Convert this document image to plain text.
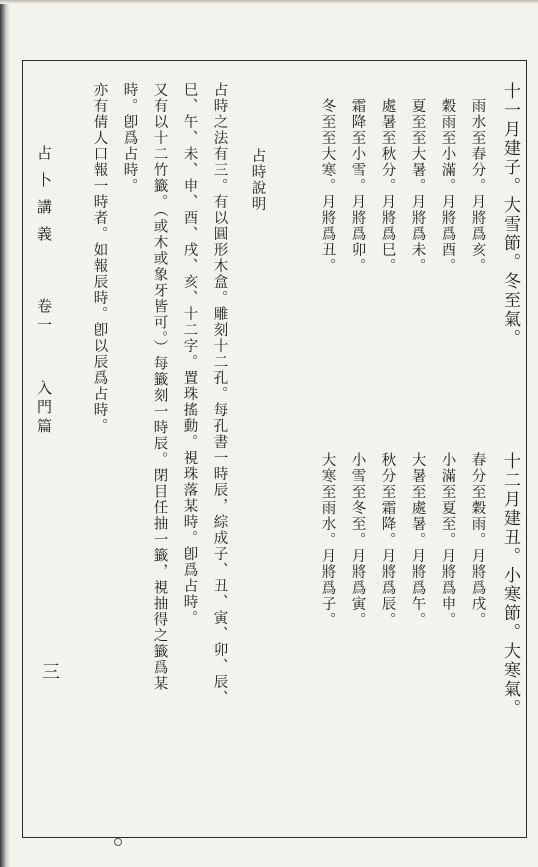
十一月建子。大雪節。冬至氣。
雨水至春分。月將爲亥。
穀雨至小滿。月將爲酉。
夏至至大暑。月將爲未。
處暑至秋分。月將爲巳。
霜降至小雪。月將爲卯。
冬至至大寒。月將爲丑。
十二月建丑。小寒節。大寒氣。
春分至穀雨。月將爲戌。
小滿至夏至。月將爲申。
大暑至處暑。月將爲午。
秋分至霜降。月將爲辰。
小雪至冬至。月將爲寅。
大寒至雨水。月將爲子。
占時說明
占時之法有三。有以圓形木盒。雕刻十二孔。每孔書一時辰，綜成子、丑、寅、卯、辰、
巳、午、未、申、酉、戌、亥、十二字。置珠搖動。視珠落某時。卽爲占時。
又有以十二竹籤。（或木或象牙皆可。）每籤刻一時辰。閉目任抽一籤，視抽得之籤爲某
時。卽爲占時。
亦有倩人口報一時者。如報辰時。卽以辰爲占時。
占卜講義
卷一
入門篇
三
